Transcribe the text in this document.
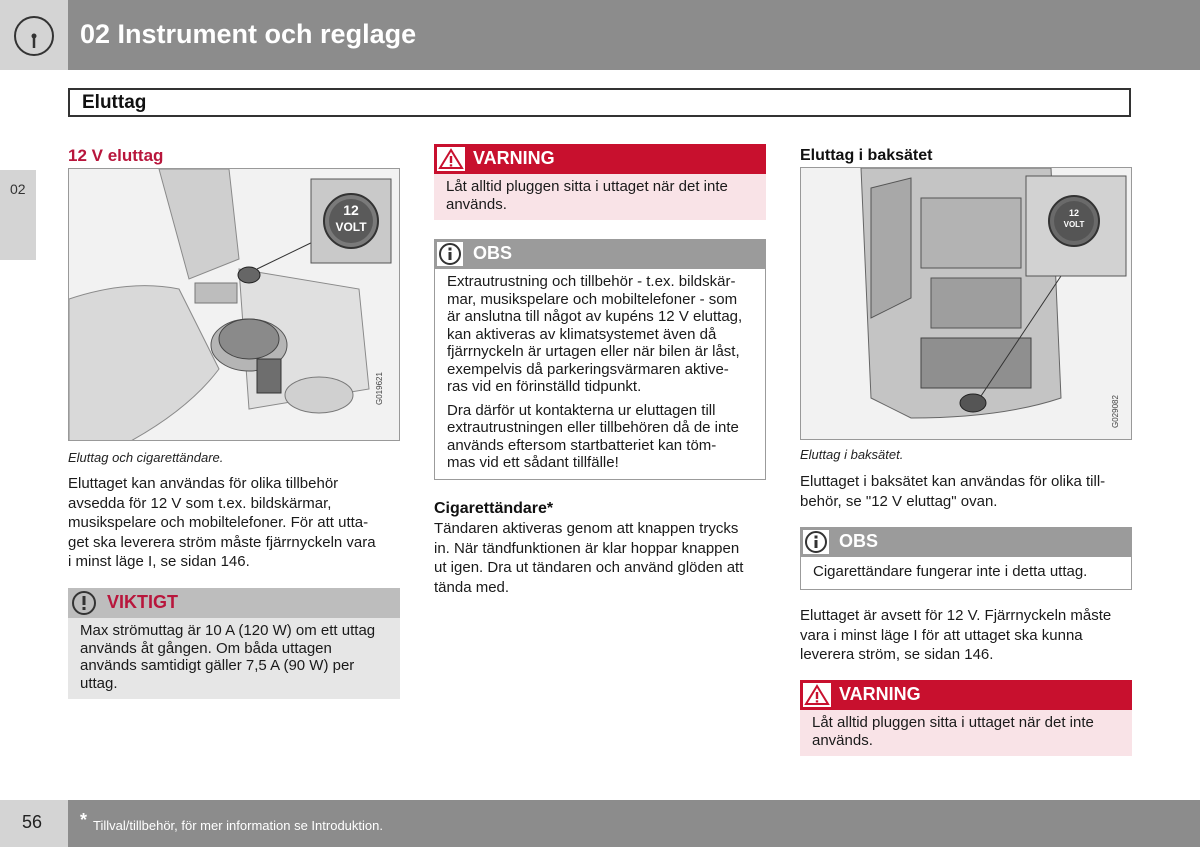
02 Instrument och reglage
Eluttag
02
12 V eluttag
12
VOLT
G019621
Eluttag och cigarettändare.
Eluttaget kan användas för olika tillbehör
avsedda för 12 V som t.ex. bildskärmar,
musikspelare och mobiltelefoner. För att utta-
get ska leverera ström måste fjärrnyckeln vara
i minst läge I, se sidan 146.
VIKTIGT
Max strömuttag är 10 A (120 W) om ett uttag
används åt gången. Om båda uttagen
används samtidigt gäller 7,5 A (90 W) per
uttag.
VARNING
Låt alltid pluggen sitta i uttaget när det inte
används.
OBS
Extrautrustning och tillbehör - t.ex. bildskär-
mar, musikspelare och mobiltelefoner - som
är anslutna till något av kupéns 12 V eluttag,
kan aktiveras av klimatsystemet även då
fjärrnyckeln är urtagen eller när bilen är låst,
exempelvis då parkeringsvärmaren aktive-
ras vid en förinställd tidpunkt.
Dra därför ut kontakterna ur eluttagen till
extrautrustningen eller tillbehören då de inte
används eftersom startbatteriet kan töm-
mas vid ett sådant tillfälle!
Cigarettändare*
Tändaren aktiveras genom att knappen trycks
in. När tändfunktionen är klar hoppar knappen
ut igen. Dra ut tändaren och använd glöden att
tända med.
Eluttag i baksätet
12
VOLT
G029082
Eluttag i baksätet.
Eluttaget i baksätet kan användas för olika till-
behör, se "12 V eluttag" ovan.
OBS
Cigarettändare fungerar inte i detta uttag.
Eluttaget är avsett för 12 V. Fjärrnyckeln måste
vara i minst läge I för att uttaget ska kunna
leverera ström, se sidan 146.
VARNING
Låt alltid pluggen sitta i uttaget när det inte
används.
56 * Tillval/tillbehör, för mer information se Introduktion.
